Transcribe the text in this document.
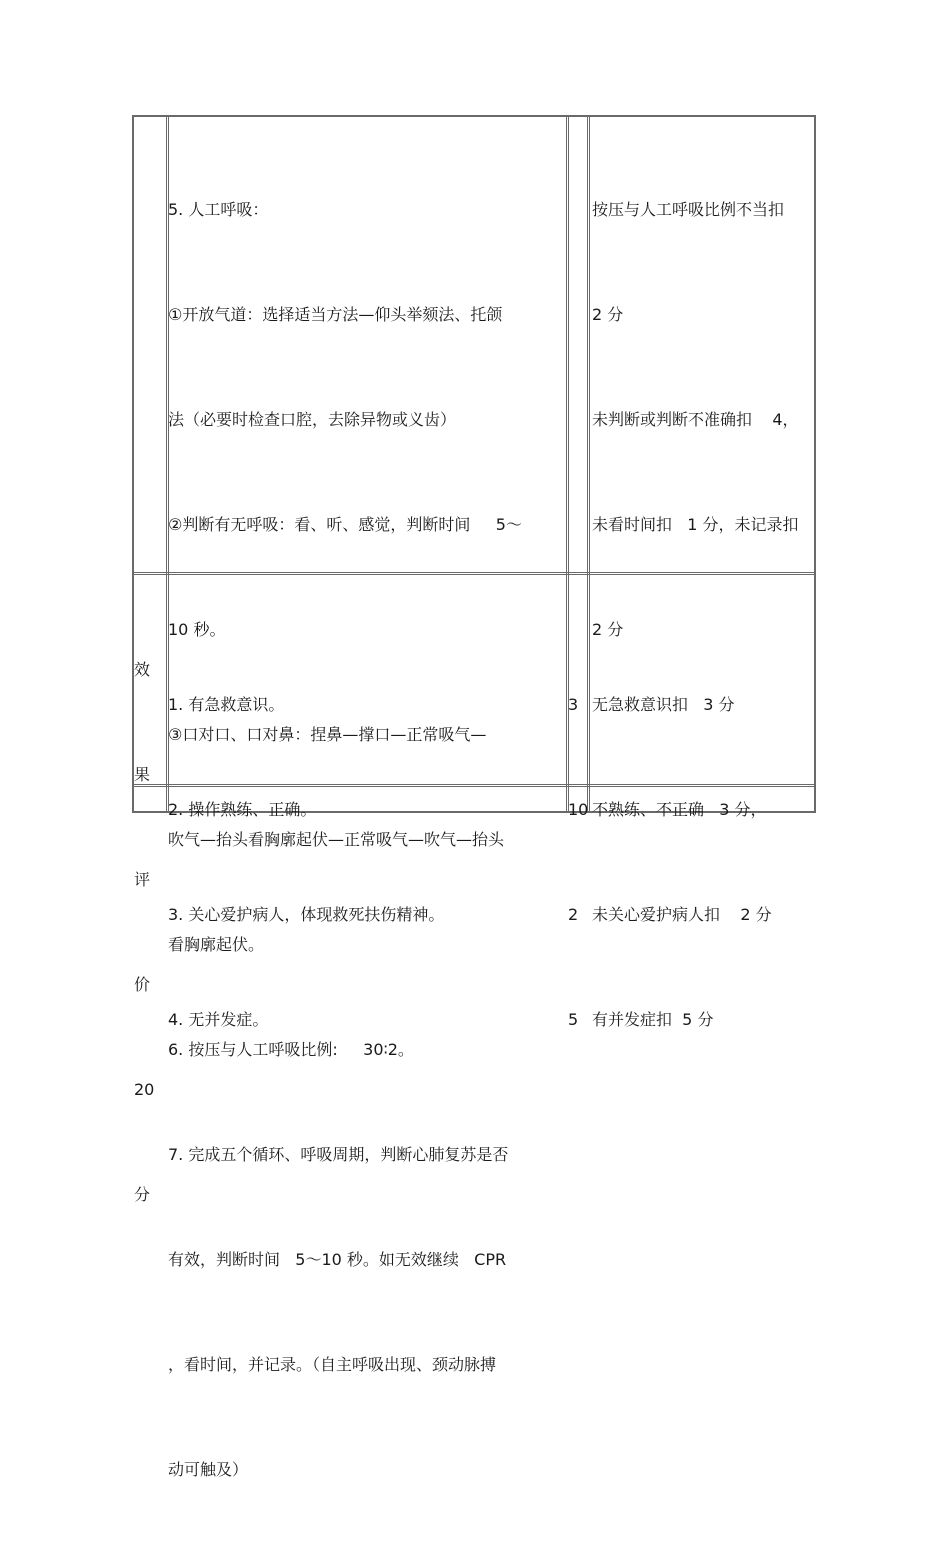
5. 人工呼吸：

①开放气道：选择适当方法—仰头举颏法、托颌

法（必要时检查口腔，去除异物或义齿）

②判断有无呼吸：看、听、感觉，判断时间     5～

10 秒。

③口对口、口对鼻：捏鼻—撑口—正常吸气—

吹气—抬头看胸廓起伏—正常吸气—吹气—抬头

看胸廓起伏。

6. 按压与人工呼吸比例:     30∶2。

7. 完成五个循环、呼吸周期，判断心肺复苏是否

有效，判断时间   5～10 秒。如无效继续   CPR

，看时间，并记录。（自主呼吸出现、颈动脉搏

动可触及）

按压与人工呼吸比例不当扣

2 分

未判断或判断不准确扣    4，

未看时间扣   1 分，未记录扣

2 分

效

果

评

价

20

分

1. 有急救意识。

2. 操作熟练、正确。

3. 关心爱护病人，体现救死扶伤精神。

4. 无并发症。

3

10

2

5

无急救意识扣   3 分

不熟练、不正确   3 分，

未关心爱护病人扣    2 分

有并发症扣  5 分
